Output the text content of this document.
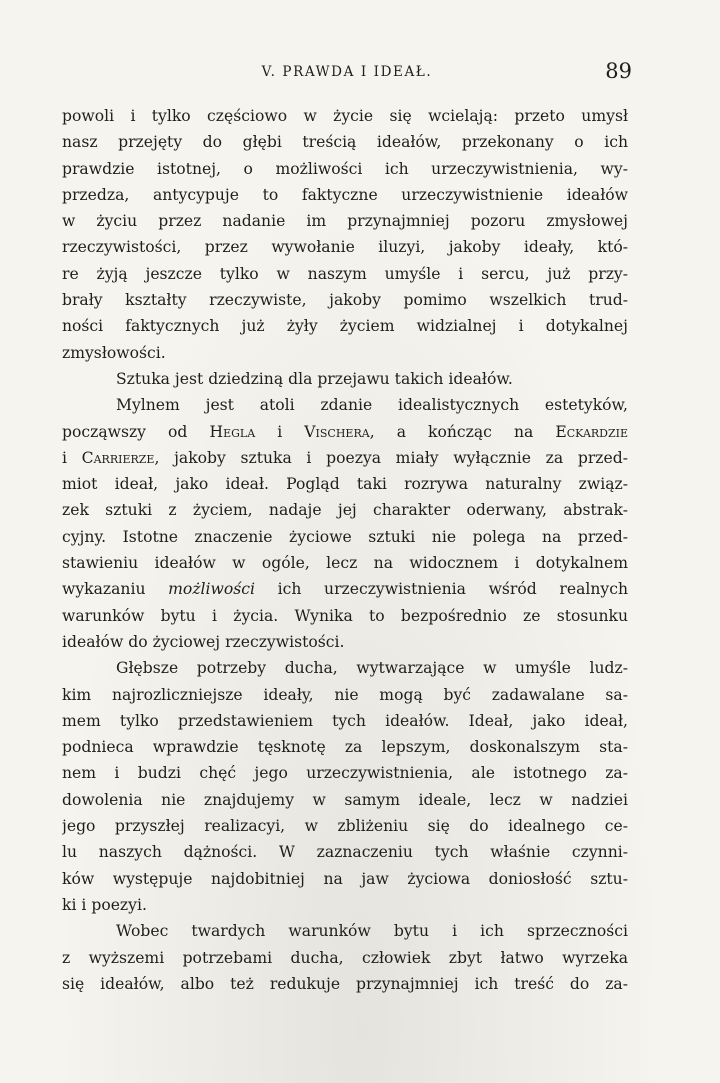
V. PRAWDA I IDEAŁ.	89
powoli i tylko częściowo w życie się wcielają: przeto umysł
nasz przejęty do głębi treścią ideałów, przekonany o ich
prawdzie istotnej, o możliwości ich urzeczywistnienia, wy-
przedza, antycypuje to faktyczne urzeczywistnienie ideałów
w życiu przez nadanie im przynajmniej pozoru zmysłowej
rzeczywistości, przez wywołanie iluzyi, jakoby ideały, któ-
re żyją jeszcze tylko w naszym umyśle i sercu, już przy-
brały kształty rzeczywiste, jakoby pomimo wszelkich trud-
ności faktycznych już żyły życiem widzialnej i dotykalnej
zmysłowości.
Sztuka jest dziedziną dla przejawu takich ideałów.
Mylnem jest atoli zdanie idealistycznych estetyków,
począwszy od Hegla i Vischera, a kończąc na Eckardzie
i Carrierze, jakoby sztuka i poezya miały wyłącznie za przed-
miot ideał, jako ideał. Pogląd taki rozrywa naturalny związ-
zek sztuki z życiem, nadaje jej charakter oderwany, abstrak-
cyjny. Istotne znaczenie życiowe sztuki nie polega na przed-
stawieniu ideałów w ogóle, lecz na widocznem i dotykalnem
wykazaniu możliwości ich urzeczywistnienia wśród realnych
warunków bytu i życia. Wynika to bezpośrednio ze stosunku
ideałów do życiowej rzeczywistości.
Głębsze potrzeby ducha, wytwarzające w umyśle ludz-
kim najrozliczniejsze ideały, nie mogą być zadawalane sa-
mem tylko przedstawieniem tych ideałów. Ideał, jako ideał,
podnieca wprawdzie tęsknotę za lepszym, doskonalszym sta-
nem i budzi chęć jego urzeczywistnienia, ale istotnego za-
dowolenia nie znajdujemy w samym ideale, lecz w nadziei
jego przyszłej realizacyi, w zbliżeniu się do idealnego ce-
lu naszych dążności. W zaznaczeniu tych właśnie czynni-
ków występuje najdobitniej na jaw życiowa doniosłość sztu-
ki i poezyi.
Wobec twardych warunków bytu i ich sprzeczności
z wyższemi potrzebami ducha, człowiek zbyt łatwo wyrzeka
się ideałów, albo też redukuje przynajmniej ich treść do za-
